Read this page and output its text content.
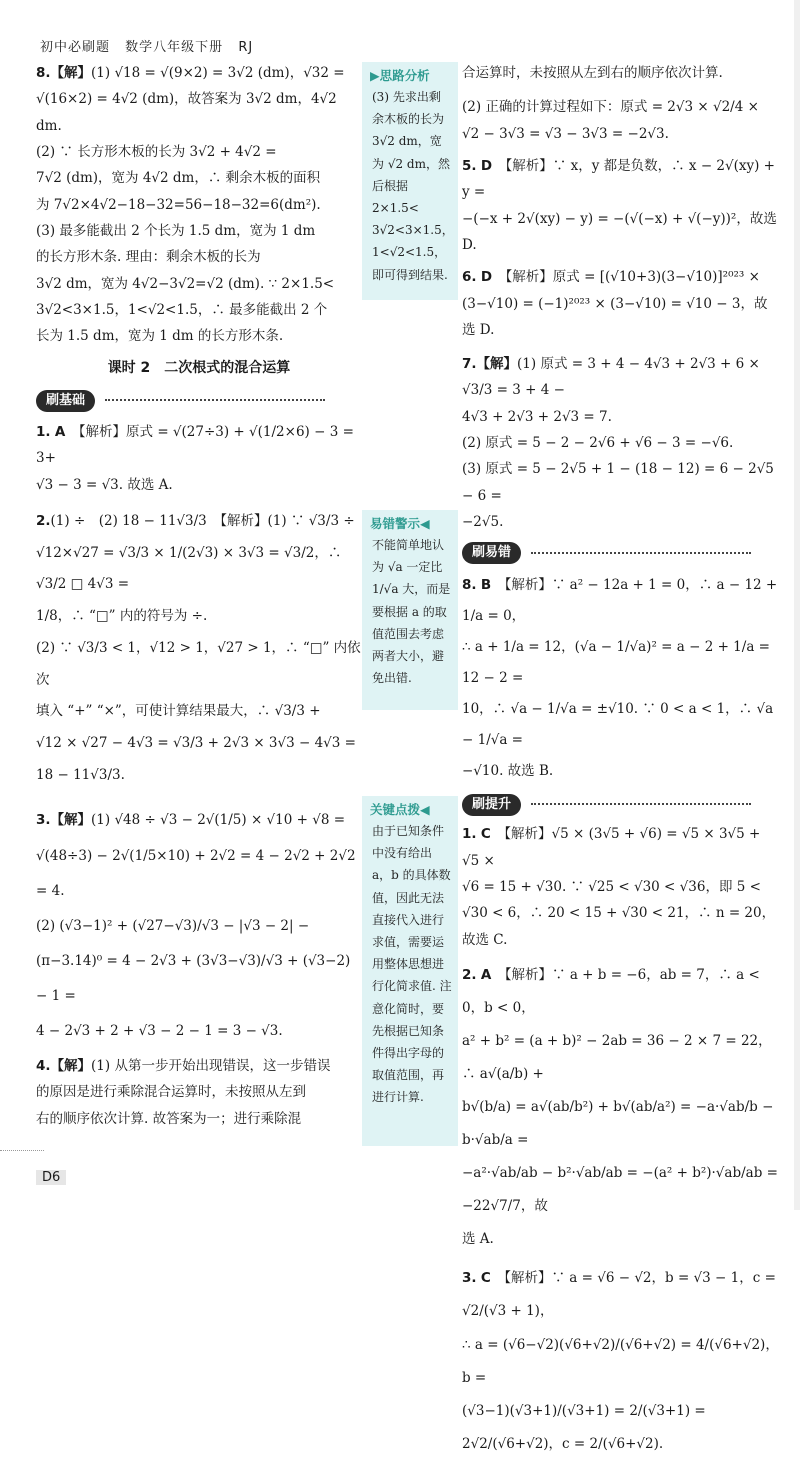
初中必刷题 数学八年级下册 RJ

8.【解】(1) √18 = √(9×2) = 3√2 (dm)，√32 =

√(16×2) = 4√2 (dm)，故答案为 3√2 dm，4√2 dm.

(2) ∵ 长方形木板的长为 3√2 + 4√2 =

7√2 (dm)，宽为 4√2 dm，∴ 剩余木板的面积

为 7√2×4√2−18−32=56−18−32=6(dm²).

(3) 最多能截出 2 个长为 1.5 dm，宽为 1 dm

的长方形木条. 理由：剩余木板的长为

3√2 dm，宽为 4√2−3√2=√2 (dm). ∵ 2×1.5<

3√2<3×1.5，1<√2<1.5，∴ 最多能截出 2 个

长为 1.5 dm，宽为 1 dm 的长方形木条.

课时 2　二次根式的混合运算
刷基础

1. A　 【解析】原式 = √(27÷3) + √(1/2×6) − 3 = 3+

√3 − 3 = √3. 故选 A.

2.(1) ÷　(2) 18 − 11√3/3　【解析】(1) ∵ √3/3 ÷

√12×√27 = √3/3 × 1/(2√3) × 3√3 = √3/2，∴ √3/2 □ 4√3 =

1/8，∴ “□” 内的符号为 ÷.

(2) ∵ √3/3 < 1，√12 > 1，√27 > 1，∴ “□” 内依次

填入 “+” “×”，可使计算结果最大，∴ √3/3 +

√12 × √27 − 4√3 = √3/3 + 2√3 × 3√3 − 4√3 =

18 − 11√3/3.

3.【解】(1) √48 ÷ √3 − 2√(1/5) × √10 + √8 =

√(48÷3) − 2√(1/5×10) + 2√2 = 4 − 2√2 + 2√2 = 4.

(2) (√3−1)² + (√27−√3)/√3 − |√3 − 2| −

(π−3.14)⁰ = 4 − 2√3 + (3√3−√3)/√3 + (√3−2) − 1 =

4 − 2√3 + 2 + √3 − 2 − 1 = 3 − √3.

4.【解】(1) 从第一步开始出现错误，这一步错误

的原因是进行乘除混合运算时，未按照从左到

右的顺序依次计算. 故答案为一；进行乘除混

▶思路分析
(3) 先求出剩余木板的长为 3√2 dm，宽为 √2 dm，然后根据 2×1.5< 3√2<3×1.5，1<√2<1.5，即可得到结果.
易错警示◀
不能简单地认为 √a 一定比 1/√a 大，而是要根据 a 的取值范围去考虑两者大小，避免出错.
关键点拨◀
由于已知条件中没有给出 a，b 的具体数值，因此无法直接代入进行求值，需要运用整体思想进行化简求值. 注意化简时，要先根据已知条件得出字母的取值范围，再进行计算.

合运算时，未按照从左到右的顺序依次计算.

(2) 正确的计算过程如下：原式 = 2√3 × √2/4 ×

√2 − 3√3 = √3 − 3√3 = −2√3.

5. D　 【解析】∵ x，y 都是负数，∴ x − 2√(xy) + y =

−(−x + 2√(xy) − y) = −(√(−x) + √(−y))²，故选 D.

6. D　 【解析】原式 = [(√10+3)(3−√10)]²⁰²³ ×

(3−√10) = (−1)²⁰²³ × (3−√10) = √10 − 3，故

选 D.

7.【解】(1) 原式 = 3 + 4 − 4√3 + 2√3 + 6 × √3/3 = 3 + 4 −

4√3 + 2√3 + 2√3 = 7.

(2) 原式 = 5 − 2 − 2√6 + √6 − 3 = −√6.

(3) 原式 = 5 − 2√5 + 1 − (18 − 12) = 6 − 2√5 − 6 =

−2√5.

刷易错

8. B　 【解析】∵ a² − 12a + 1 = 0，∴ a − 12 + 1/a = 0，

∴ a + 1/a = 12，(√a − 1/√a)² = a − 2 + 1/a = 12 − 2 =

10，∴ √a − 1/√a = ±√10. ∵ 0 < a < 1，∴ √a − 1/√a =

−√10. 故选 B.

刷提升

1. C　 【解析】√5 × (3√5 + √6) = √5 × 3√5 + √5 ×

√6 = 15 + √30. ∵ √25 < √30 < √36，即 5 <

√30 < 6，∴ 20 < 15 + √30 < 21，∴ n = 20，故选 C.

2. A　 【解析】∵ a + b = −6，ab = 7，∴ a < 0，b < 0，

a² + b² = (a + b)² − 2ab = 36 − 2 × 7 = 22，∴ a√(a/b) +

b√(b/a) = a√(ab/b²) + b√(ab/a²) = −a·√ab/b − b·√ab/a =

−a²·√ab/ab − b²·√ab/ab = −(a² + b²)·√ab/ab = −22√7/7，故

选 A.

3. C　 【解析】∵ a = √6 − √2，b = √3 − 1，c = √2/(√3 + 1)，

∴ a = (√6−√2)(√6+√2)/(√6+√2) = 4/(√6+√2)，b =

(√3−1)(√3+1)/(√3+1) = 2/(√3+1) = 2√2/(√6+√2)，c = 2/(√6+√2).

D6
